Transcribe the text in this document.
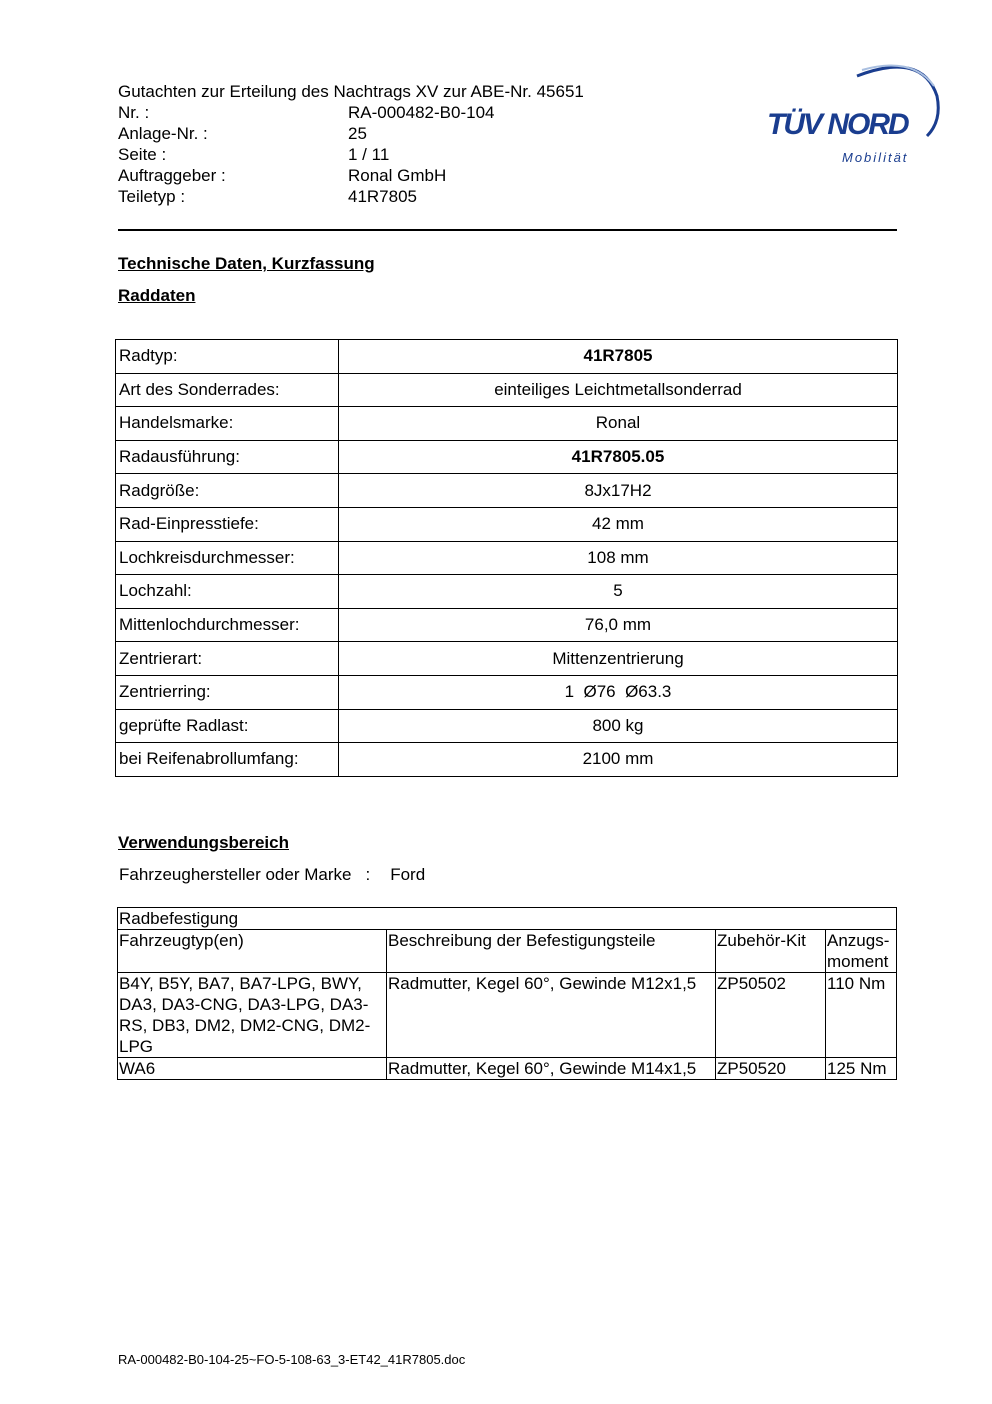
Gutachten zur Erteilung des Nachtrags XV zur ABE-Nr. 45651
Nr. :	RA-000482-B0-104
Anlage-Nr. :	25
Seite :	1 / 11
Auftraggeber :	Ronal GmbH
Teiletyp :	41R7805
TÜV NORD
Mobilität
Technische Daten, Kurzfassung
Raddaten
Radtyp:	41R7805
Art des Sonderrades:	einteiliges Leichtmetallsonderrad
Handelsmarke:	Ronal
Radausführung:	41R7805.05
Radgröße:	8Jx17H2
Rad-Einpresstiefe:	42 mm
Lochkreisdurchmesser:	108 mm
Lochzahl:	5
Mittenlochdurchmesser:	76,0 mm
Zentrierart:	Mittenzentrierung
Zentrierring:	1  Ø76  Ø63.3
geprüfte Radlast:	800 kg
bei Reifenabrollumfang:	2100 mm
Verwendungsbereich
Fahrzeughersteller oder Marke : Ford
Radbefestigung			
Fahrzeugtyp(en)	Beschreibung der Befestigungsteile	Zubehör-Kit	Anzugs-moment
B4Y, B5Y, BA7, BA7-LPG, BWY, DA3, DA3-CNG, DA3-LPG, DA3-RS, DB3, DM2, DM2-CNG, DM2-LPG	Radmutter, Kegel 60°, Gewinde M12x1,5	ZP50502	110 Nm
WA6	Radmutter, Kegel 60°, Gewinde M14x1,5	ZP50520	125 Nm
RA-000482-B0-104-25~FO-5-108-63_3-ET42_41R7805.doc
